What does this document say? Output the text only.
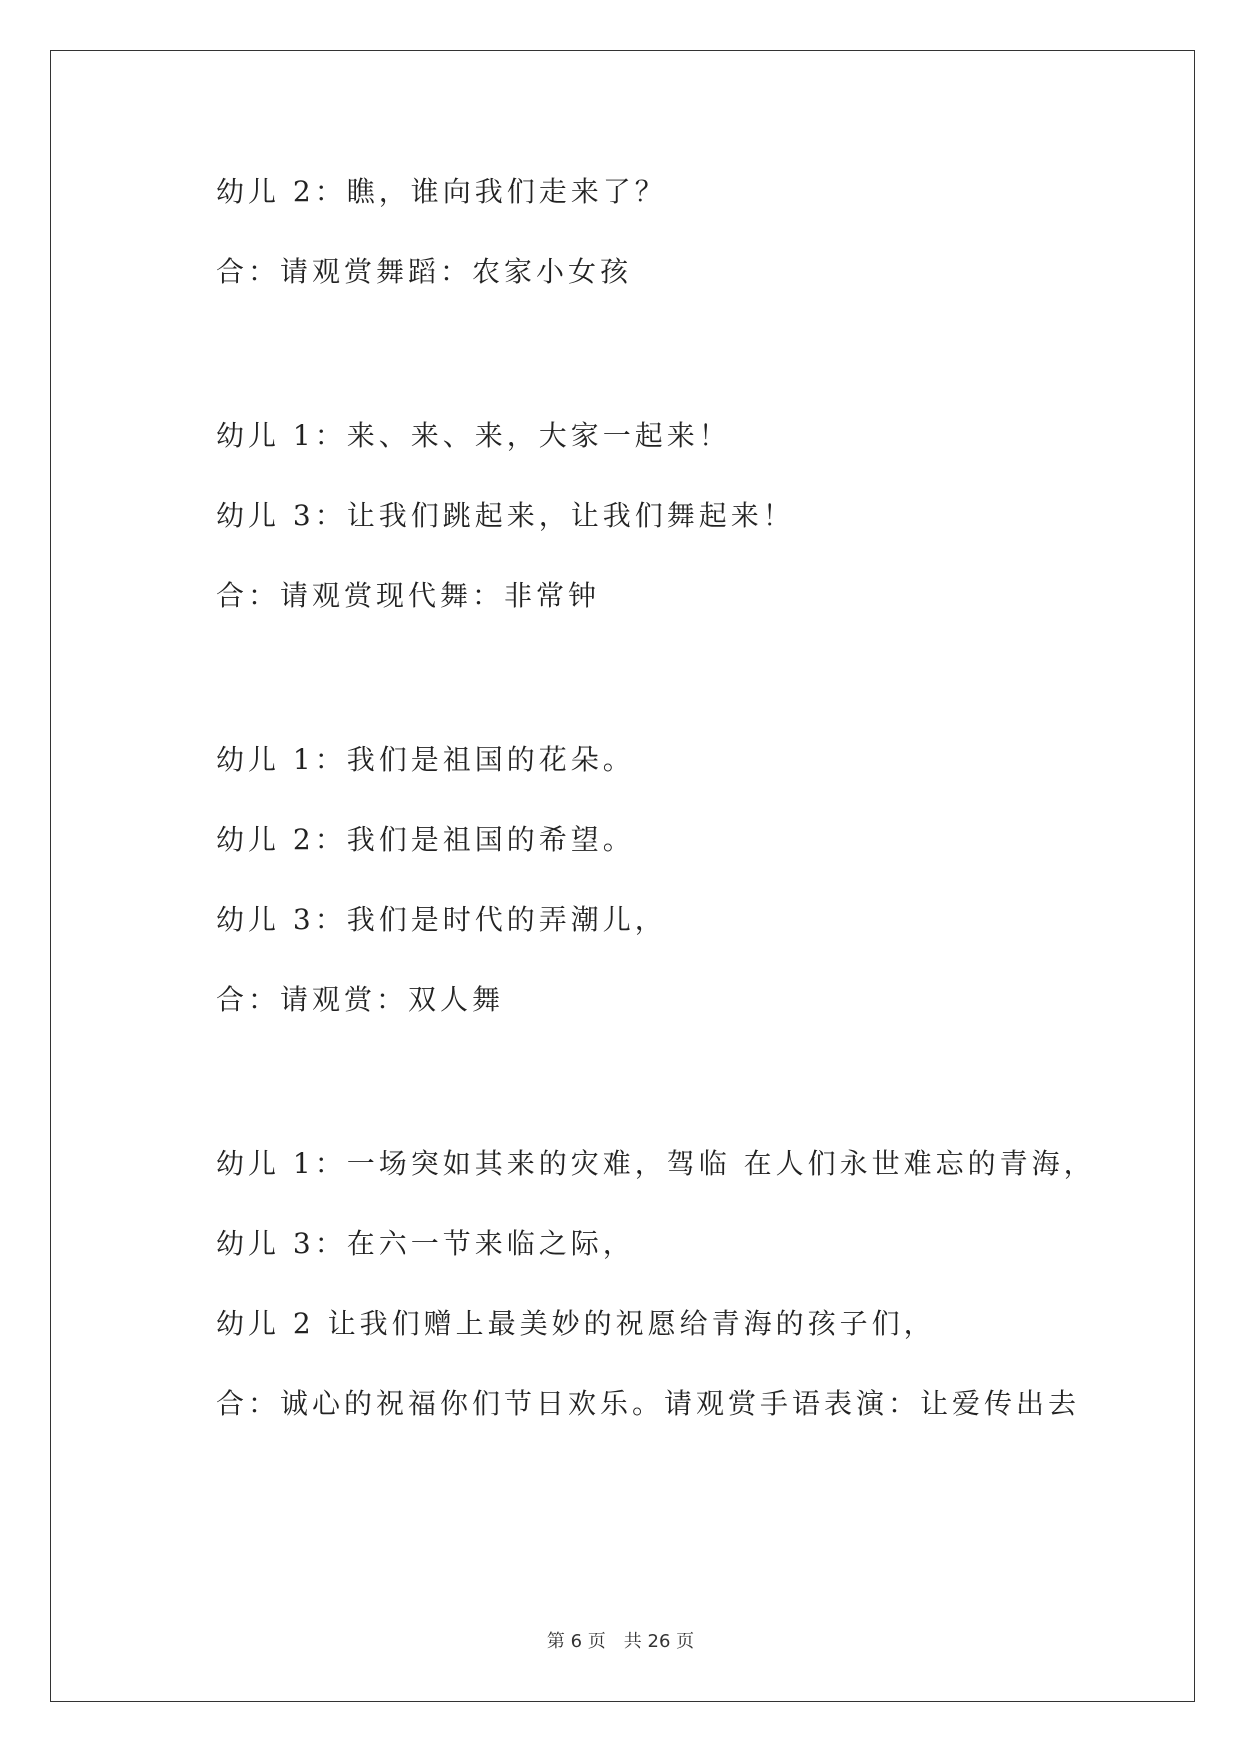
幼儿 2：瞧，谁向我们走来了？
合：请观赏舞蹈：农家小女孩
幼儿 1：来、来、来，大家一起来！
幼儿 3：让我们跳起来，让我们舞起来！
合：请观赏现代舞：非常钟
幼儿 1：我们是祖国的花朵。
幼儿 2：我们是祖国的希望。
幼儿 3：我们是时代的弄潮儿，
合：请观赏：双人舞
幼儿 1：一场突如其来的灾难，驾临 在人们永世难忘的青海，
幼儿 3：在六一节来临之际，
幼儿 2 让我们赠上最美妙的祝愿给青海的孩子们，
合：诚心的祝福你们节日欢乐。请观赏手语表演：让爱传出去
第 6 页　共 26 页
